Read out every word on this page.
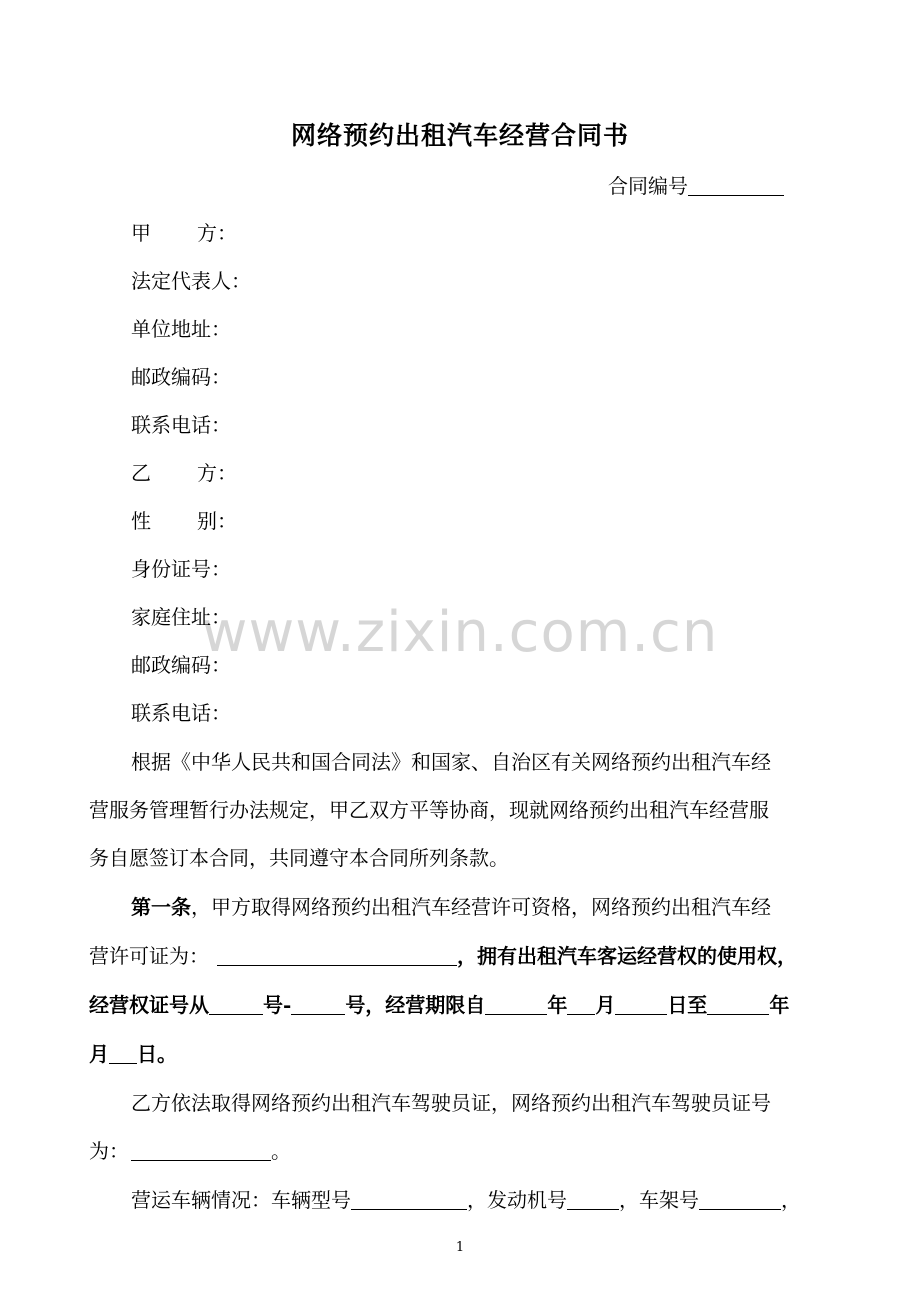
网络预约出租汽车经营合同书
合同编号
甲 方：
法定代表人：
单位地址：
邮政编码：
联系电话：
乙 方：
性 别：
身份证号：
家庭住址：
邮政编码：
联系电话：
根据《中华人民共和国合同法》和国家、自治区有关网络预约出租汽车经
营服务管理暂行办法规定，甲乙双方平等协商，现就网络预约出租汽车经营服
务自愿签订本合同，共同遵守本合同所列条款。
第一条，甲方取得网络预约出租汽车经营许可资格，网络预约出租汽车经
营许可证为：	，拥有出租汽车客运经营权的使用权，
经营权证号从	号-	号，经营期限自	年 月	日至	年
月 日。
乙方依法取得网络预约出租汽车驾驶员证，网络预约出租汽车驾驶员证号
为：	。
营运车辆情况：车辆型号	，发动机号	，车架号	，
www.zixin.com.cn
1
